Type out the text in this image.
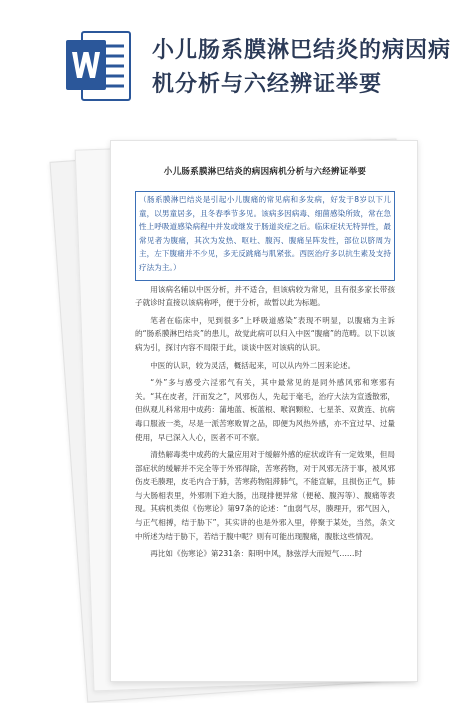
小儿肠系膜淋巴结炎的病因病机分析与六经辨证举要
小儿肠系膜淋巴结炎的病因病机分析与六经辨证举要

（肠系膜淋巴结炎是引起小儿腹痛的常见病和多发病，好发于8岁以下儿童，以男童居多，且冬春季节多见。该病多因病毒、细菌感染所致，常在急性上呼吸道感染病程中并发或继发于肠道炎症之后。临床症状无特异性，最常见者为腹痛，其次为发热、呕吐、腹泻、腹痛呈阵发性，部位以脐周为主，左下腹痛并不少见，多无反跳痛与肌紧张。西医治疗多以抗生素及支持疗法为主。）

用该病名辅以中医分析，并不适合，但该病较为常见，且有很多家长带孩子就诊时直接以该病称呼，便于分析，故暂以此为标题。

笔者在临床中，见到很多“上呼吸道感染”表现不明显，以腹痛为主诉的“肠系膜淋巴结炎”的患儿，故觉此病可以归入中医“腹痛”的范畴。以下以该病为引，探讨内容不局限于此，谈谈中医对该病的认识。

中医的认识，较为灵活，概括起来，可以从内外二因来论述。

“外”多与感受六淫邪气有关，其中最常见的是同外感风邪和寒邪有关。“其在皮者，汗而发之”，风邪伤人，先起于毫毛，治疗大法为宣透散邪，但纵观儿科常用中成药：蒲地蓝、板蓝根、喉润颗粒、七星茶、双黄连、抗病毒口服液一类，尽是一派苦寒败胃之品，即便为风热外感，亦不宜过早、过量使用，早已深入人心，医者不可不察。

清热解毒类中成药的大量应用对于缓解外感的症状或许有一定效果，但局部症状的缓解并不完全等于外邪得除，苦寒药物，对于风邪无济于事，被风邪伤皮毛腠理，皮毛内合于肺，苦寒药物阻滞肺气，不能宣解，且损伤正气，肺与大肠相表里，外邪则下迫大肠，出现排便异常（便秘、腹泻等）、腹痛等表现。其病机类似《伤寒论》第97条的论述：“血弱气尽，腠理开，邪气因入，与正气相搏，结于胁下”，其实讲的也是外邪入里，停聚于某处，当然，条文中所述为结于胁下，若结于腹中呢？则有可能出现腹痛，腹胀这些情况。

再比如《伤寒论》第231条：阳明中风，脉弦浮大而短气……时
